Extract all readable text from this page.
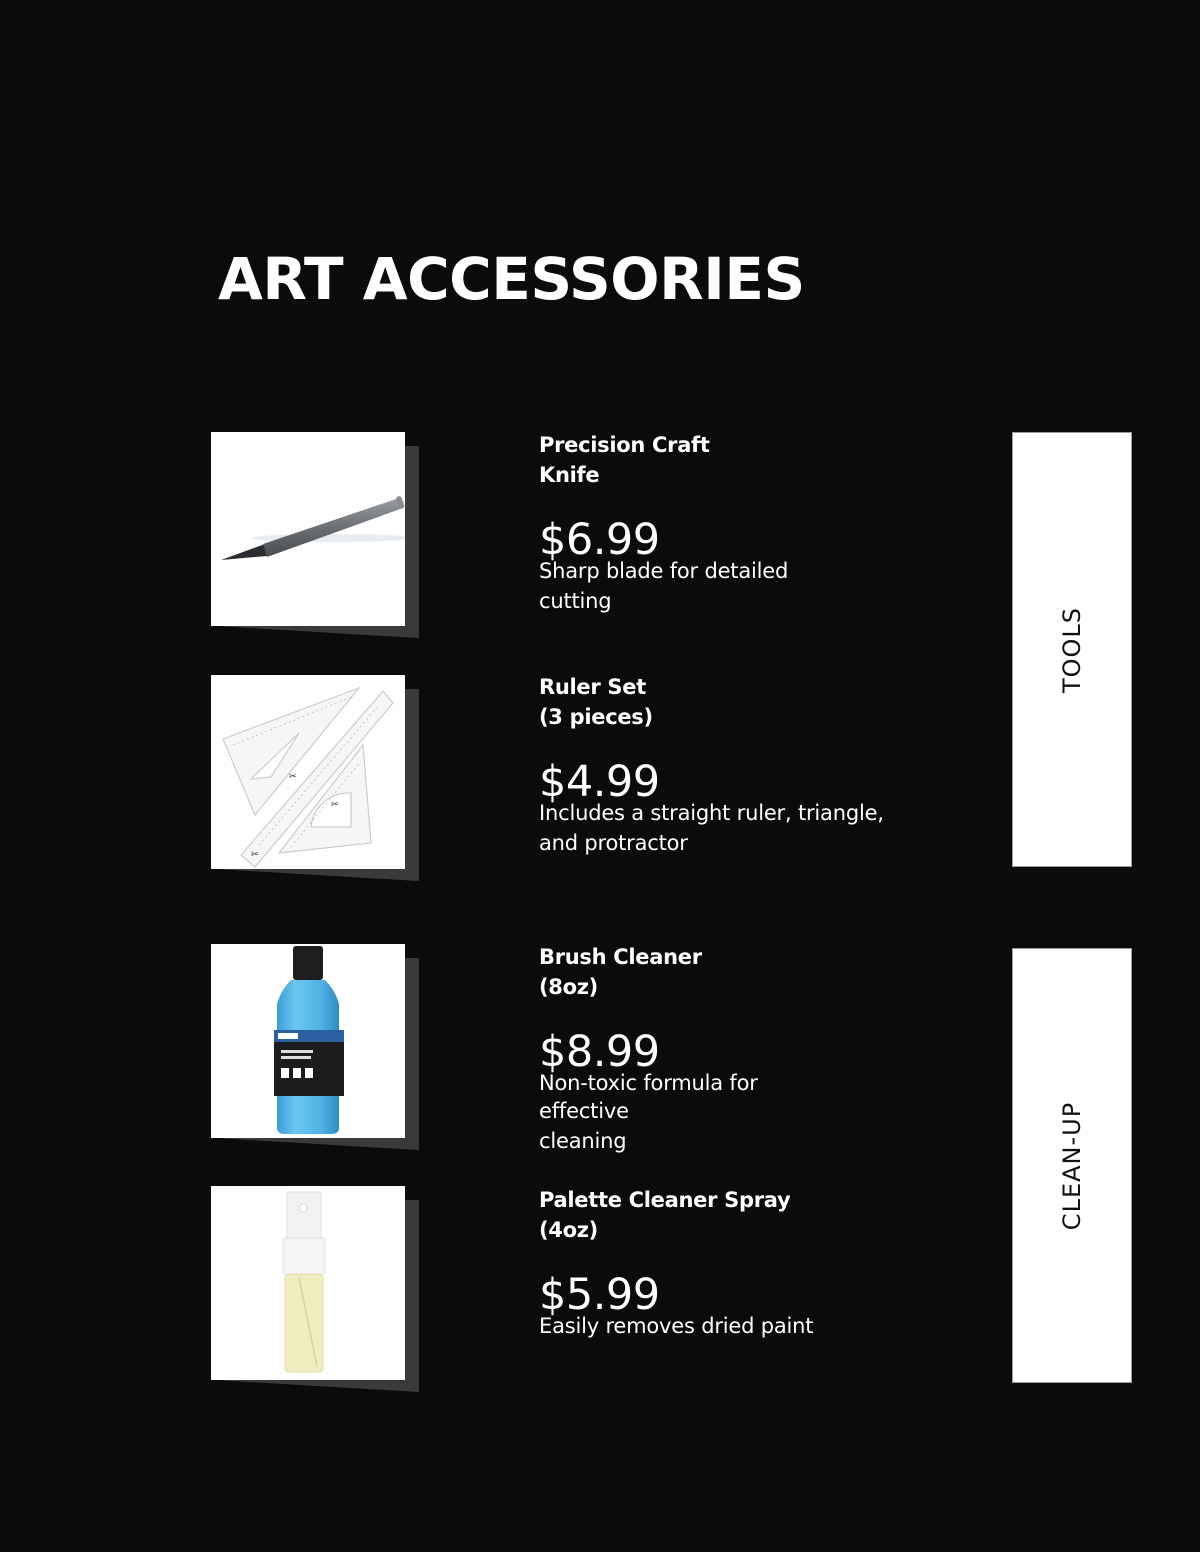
ART ACCESSORIES
Precision Craft
Knife
$6.99
Sharp blade for detailed
cutting
✂
✂
✂
Ruler Set
(3 pieces)
$4.99
Includes a straight ruler, triangle,
and protractor
TOOLS
Brush Cleaner
(8oz)
$8.99
Non-toxic formula for
effective
cleaning
Palette Cleaner Spray
(4oz)
$5.99
Easily removes dried paint
CLEAN-UP
